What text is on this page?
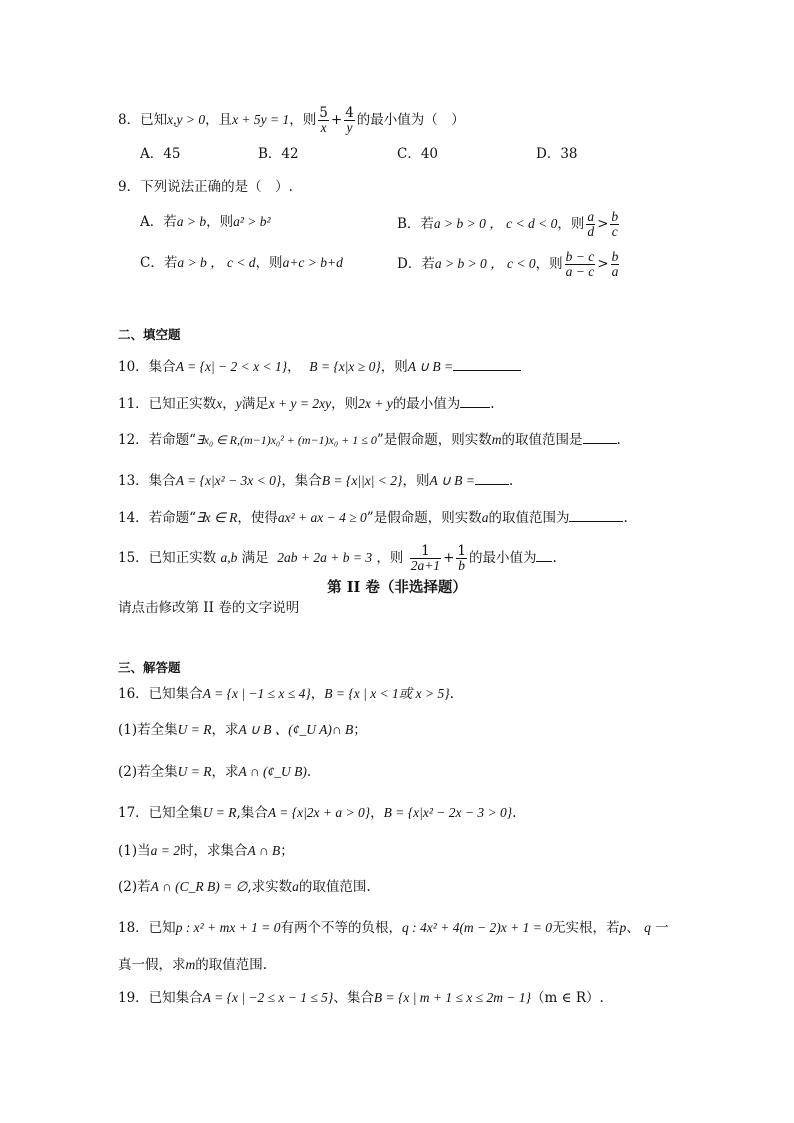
8．已知x,y > 0，且x + 5y = 1，则 $\frac{5}{x} + \frac{4}{y}$ 的最小值为（　）
A．45	B．42	C．40	D．38
9．下列说法正确的是（　）.
A．若a > b，则a² > b²	B．若a > b > 0 ， c < d < 0，则 $\frac{a}{d} > \frac{b}{c}$
C．若a > b ， c < d，则a+c > b+d	D．若a > b > 0 ， c < 0，则 $\frac{b - c}{a - c} > \frac{b}{a}$
二、填空题
10．集合A = {x| − 2 < x < 1}， B = {x|x ≥ 0}，则A ∪ B =
11．已知正实数x，y满足x + y = 2xy，则2x + y的最小值为 .
12．若命题“∃x₀ ∈ R,(m−1)x₀² + (m−1)x₀ + 1 ≤ 0”是假命题，则实数m的取值范围是	.
13．集合A = {x|x² − 3x < 0}，集合B = {x||x| < 2}，则A ∪ B =	.
14．若命题“∃x ∈ R，使得ax² + ax − 4 ≥ 0”是假命题，则实数a的取值范围为	.
15．已知正实数 a,b 满足 2ab + 2a + b = 3 ，则 $\frac{1}{2a+1} + \frac{1}{b}$ 的最小值为 .
第 II 卷（非选择题）
请点击修改第 II 卷的文字说明
三、解答题
16．已知集合A = {x | −1 ≤ x ≤ 4}，B = {x | x < 1或 x > 5}.
(1)若全集U = R，求A ∪ B 、(ȼ_U A)∩ B；
(2)若全集U = R，求A ∩ (ȼ_U B).
17．已知全集U = R,集合A = {x|2x + a > 0}，B = {x|x² − 2x − 3 > 0}.
(1)当a = 2时，求集合A ∩ B；
(2)若A ∩ (C_R B) = ∅,求实数a的取值范围.
18．已知p : x² + mx + 1 = 0有两个不等的负根，q : 4x² + 4(m − 2)x + 1 = 0无实根，若p、 q 一
真一假，求m的取值范围.
19．已知集合A = {x | −2 ≤ x − 1 ≤ 5}、集合B = {x | m + 1 ≤ x ≤ 2m − 1}（m ∈ R）.
